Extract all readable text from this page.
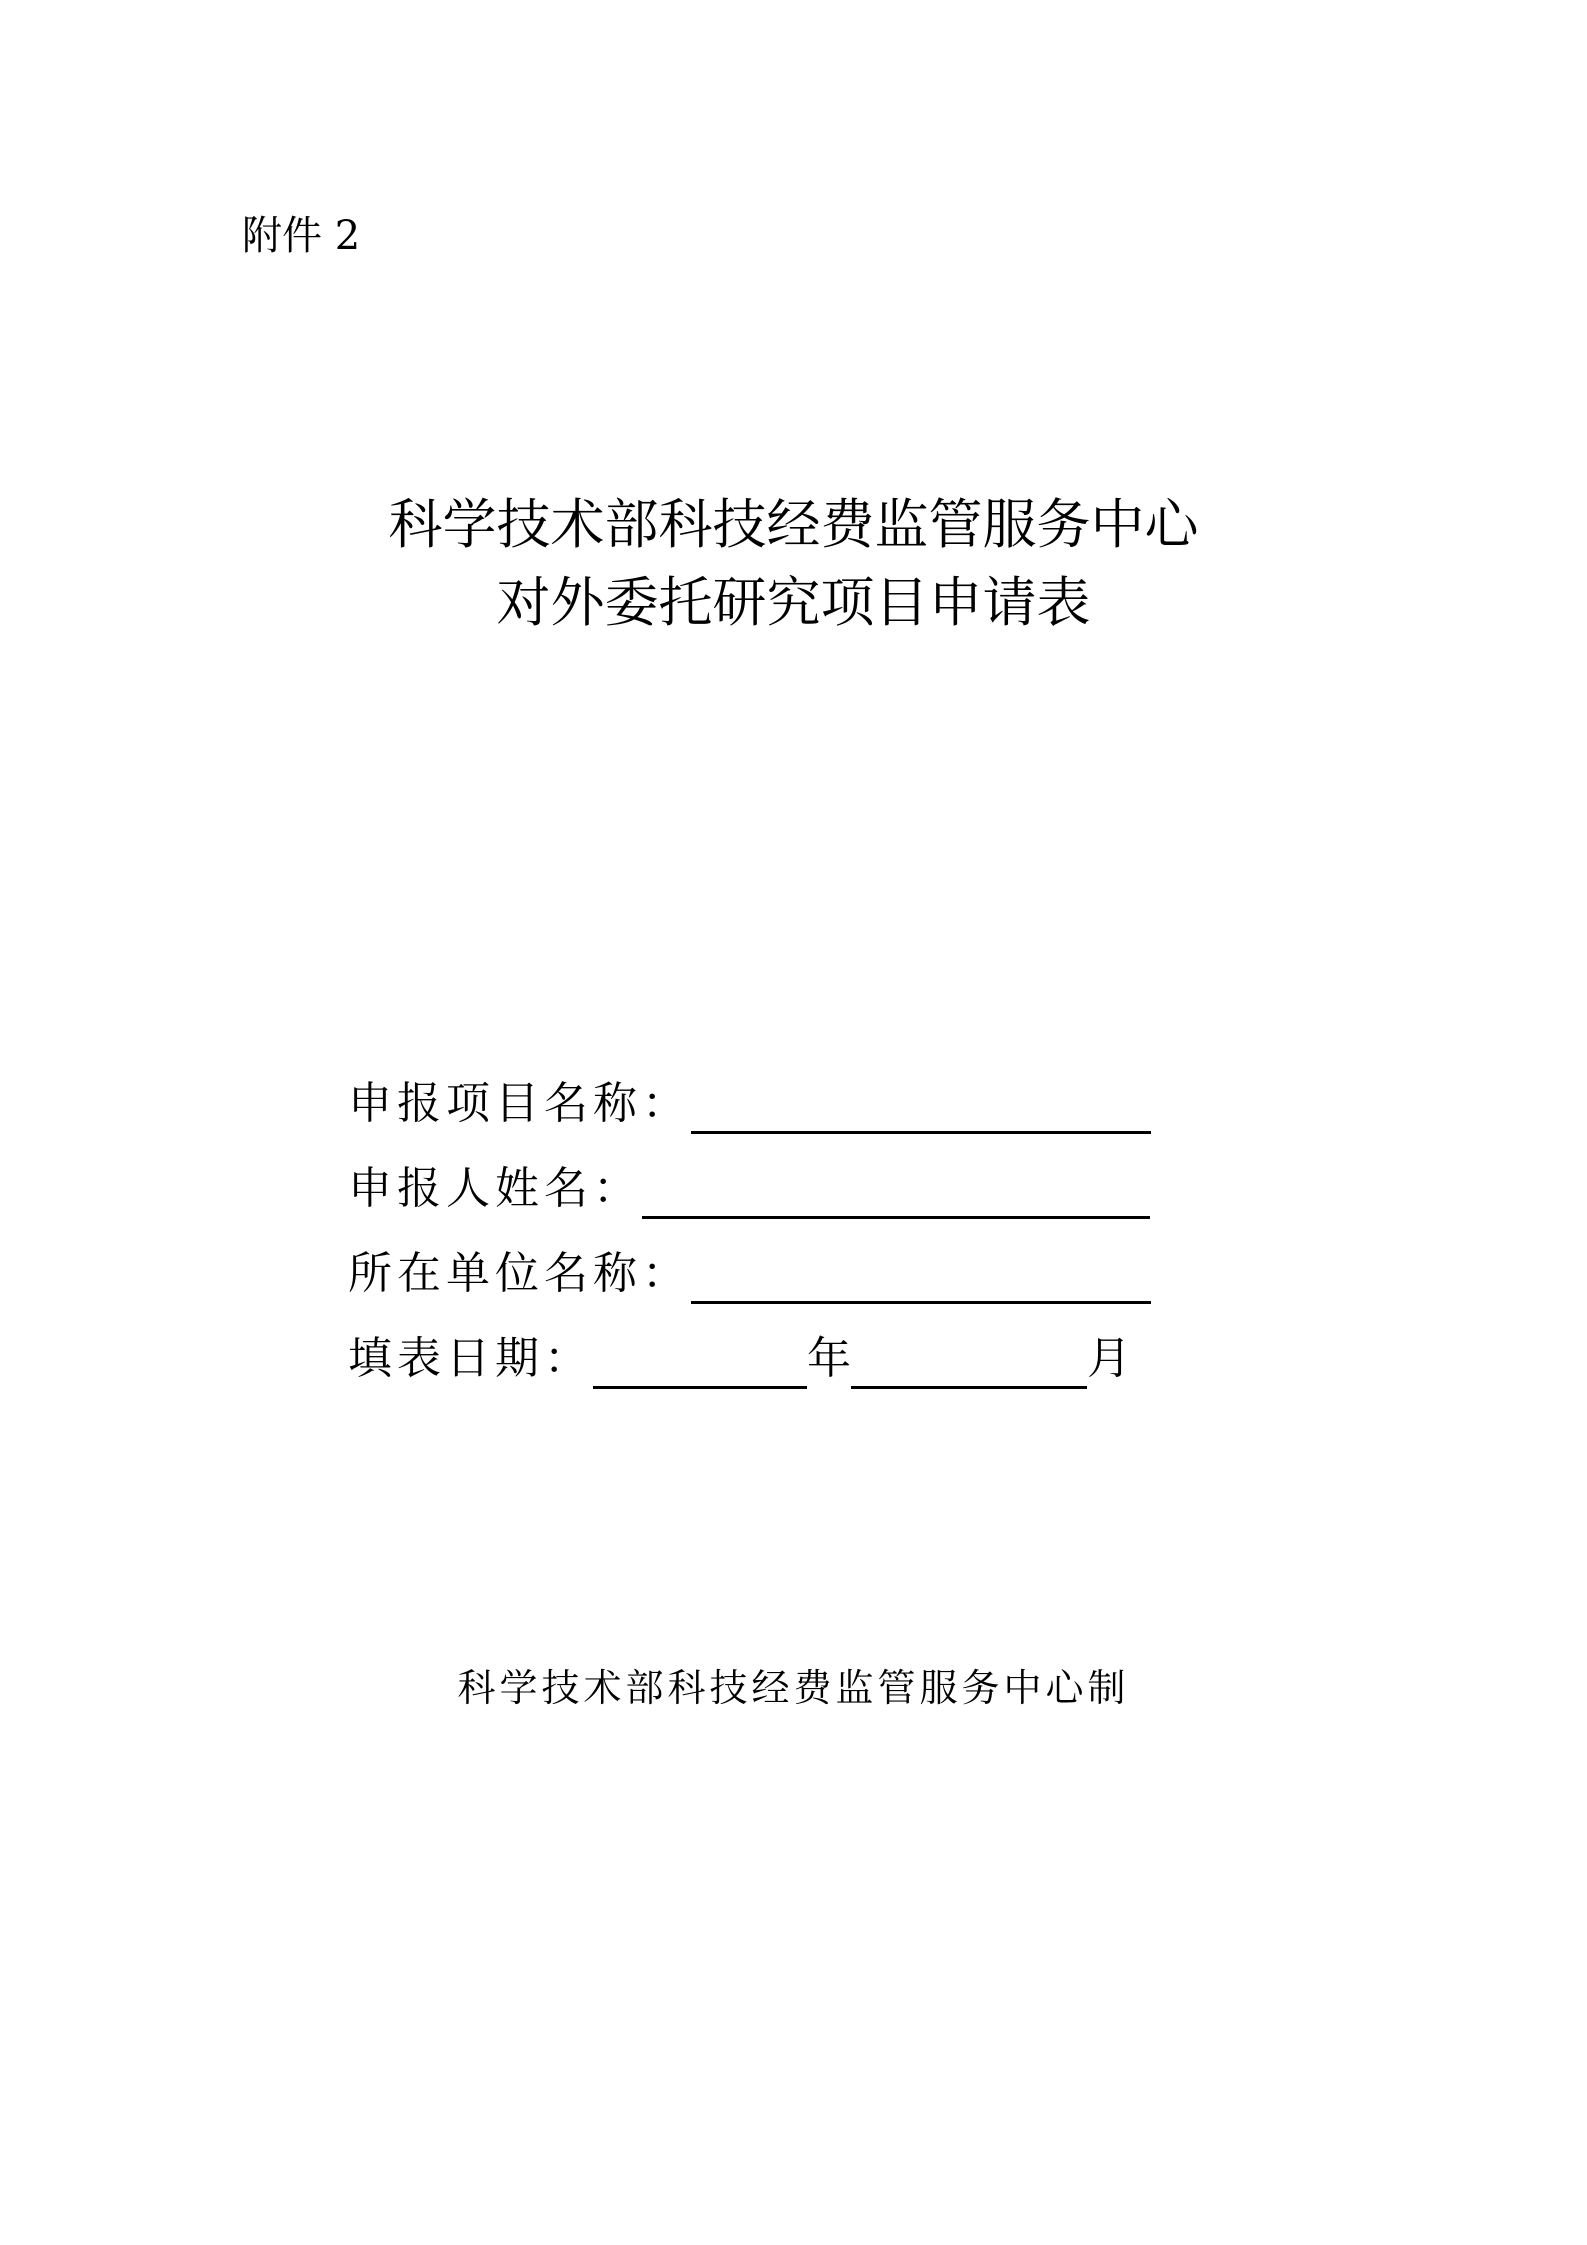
附件 2
科学技术部科技经费监管服务中心
对外委托研究项目申请表
申报项目名称：
申报人姓名：
所在单位名称：
填表日期：	年	月
科学技术部科技经费监管服务中心制
